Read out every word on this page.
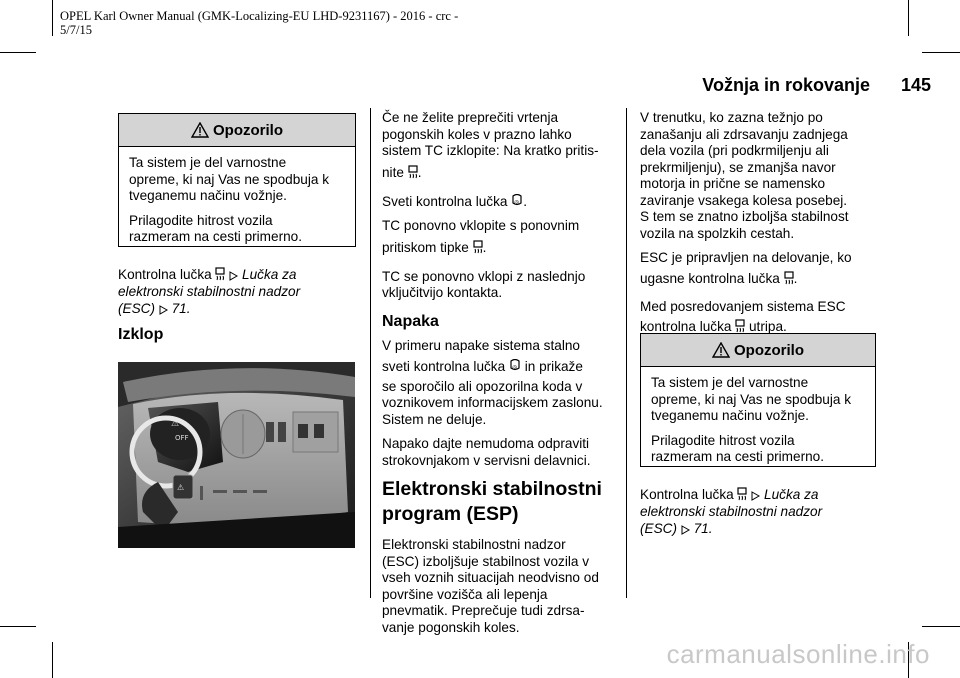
OPEL Karl Owner Manual (GMK-Localizing-EU LHD-9231167) - 2016 - crc -
5/7/15
Vožnja in rokovanje 145
Opozorilo

Ta sistem je del varnostne
opreme, ki naj Vas ne spodbuja k
tveganemu načinu vožnje.

Prilagodite hitrost vozila
razmeram na cesti primerno.

Kontrolna lučka Lučka za
elektronski stabilnostni nadzor
(ESC) 71.

Izklop
⚠
OFF
⚠

Če ne želite preprečiti vrtenja
pogonskih koles v prazno lahko
sistem TC izklopite: Na kratko pritis-
nite .

Sveti kontrolna lučka ◎ .

TC ponovno vklopite s ponovnim
pritiskom tipke .

TC se ponovno vklopi z naslednjo
vključitvijo kontakta.

Napaka

V primeru napake sistema stalno
sveti kontrolna lučka ◎ in prikaže
se sporočilo ali opozorilna koda v
voznikovem informacijskem zaslonu.
Sistem ne deluje.

Napako dajte nemudoma odpraviti
strokovnjakom v servisni delavnici.

Elektronski stabilnostni
program (ESP)

Elektronski stabilnostni nadzor
(ESC) izboljšuje stabilnost vozila v
vseh voznih situacijah neodvisno od
površine vozišča ali lepenja
pnevmatik. Preprečuje tudi zdrsa-
vanje pogonskih koles.

V trenutku, ko zazna težnjo po
zanašanju ali zdrsavanju zadnjega
dela vozila (pri podkrmiljenju ali
prekrmiljenju), se zmanjša navor
motorja in prične se namensko
zaviranje vsakega kolesa posebej.
S tem se znatno izboljša stabilnost
vozila na spolzkih cestah.

ESC je pripravljen na delovanje, ko
ugasne kontrolna lučka .

Med posredovanjem sistema ESC
kontrolna lučka utripa.

Opozorilo

Ta sistem je del varnostne
opreme, ki naj Vas ne spodbuja k
tveganemu načinu vožnje.

Prilagodite hitrost vozila
razmeram na cesti primerno.

Kontrolna lučka Lučka za
elektronski stabilnostni nadzor
(ESC) 71.

carmanualsonline.info
